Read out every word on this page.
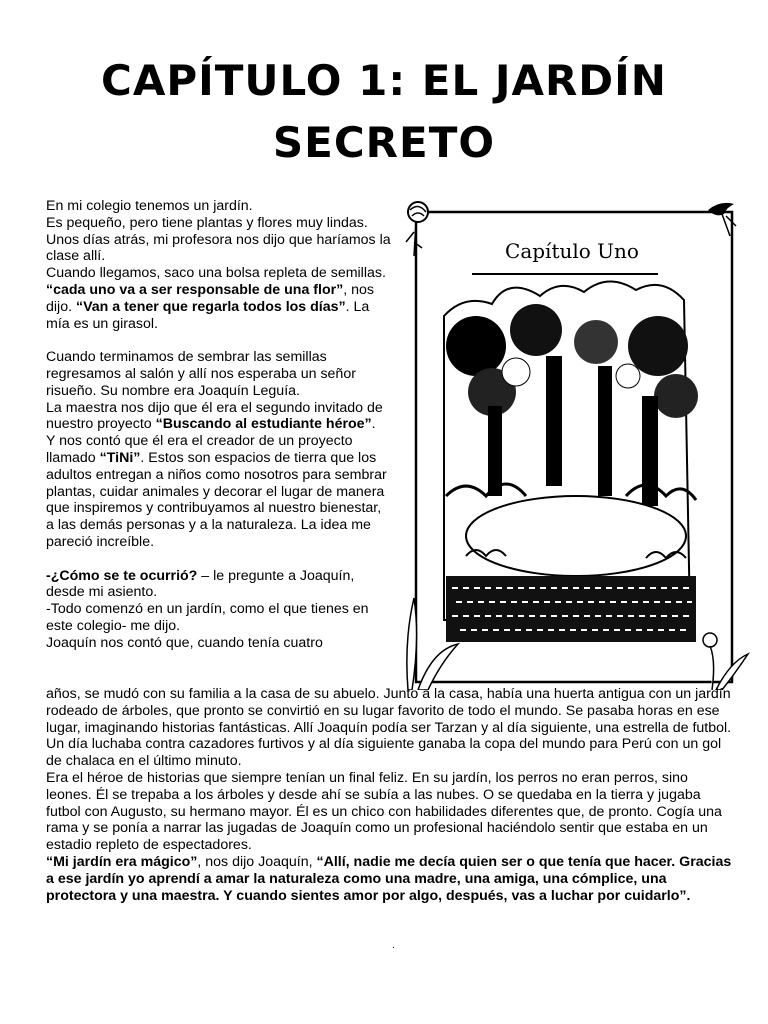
CAPÍTULO 1: EL JARDÍN
SECRETO

En mi colegio tenemos un jardín.

Es pequeño, pero tiene plantas y flores muy lindas.

Unos días atrás, mi profesora nos dijo que haríamos la clase allí.

Cuando llegamos, saco una bolsa repleta de semillas. “cada uno va a ser responsable de una flor”, nos dijo. “Van a tener que regarla todos los días”. La mía es un girasol.

Cuando terminamos de sembrar las semillas regresamos al salón y allí nos esperaba un señor risueño. Su nombre era Joaquín Leguía.

La maestra nos dijo que él era el segundo invitado de nuestro proyecto “Buscando al estudiante héroe”.

Y nos contó que él era el creador de un proyecto llamado “TiNi”. Estos son espacios de tierra que los adultos entregan a niños como nosotros para sembrar plantas, cuidar animales y decorar el lugar de manera que inspiremos y contribuyamos al nuestro bienestar, a las demás personas y a la naturaleza. La idea me pareció increíble.

-¿Cómo se te ocurrió? – le pregunte a Joaquín, desde mi asiento.

-Todo comenzó en un jardín, como el que tienes en este colegio- me dijo.

Joaquín nos contó que, cuando tenía cuatro

Capítulo Uno

años, se mudó con su familia a la casa de su abuelo. Junto a la casa, había una huerta antigua con un jardín rodeado de árboles, que pronto se convirtió en su lugar favorito de todo el mundo. Se pasaba horas en ese lugar, imaginando historias fantásticas. Allí Joaquín podía ser Tarzan y al día siguiente, una estrella de futbol. Un día luchaba contra cazadores furtivos y al día siguiente ganaba la copa del mundo para Perú con un gol de chalaca en el último minuto.

Era el héroe de historias que siempre tenían un final feliz. En su jardín, los perros no eran perros, sino leones. Él se trepaba a los árboles y desde ahí se subía a las nubes. O se quedaba en la tierra y jugaba futbol con Augusto, su hermano mayor. Él es un chico con habilidades diferentes que, de pronto. Cogía una rama y se ponía a narrar las jugadas de Joaquín como un profesional haciéndolo sentir que estaba en un estadio repleto de espectadores.

“Mi jardín era mágico”, nos dijo Joaquín, “Allí, nadie me decía quien ser o que tenía que hacer. Gracias a ese jardín yo aprendí a amar la naturaleza como una madre, una amiga, una cómplice, una protectora y una maestra. Y cuando sientes amor por algo, después, vas a luchar por cuidarlo”.

.
